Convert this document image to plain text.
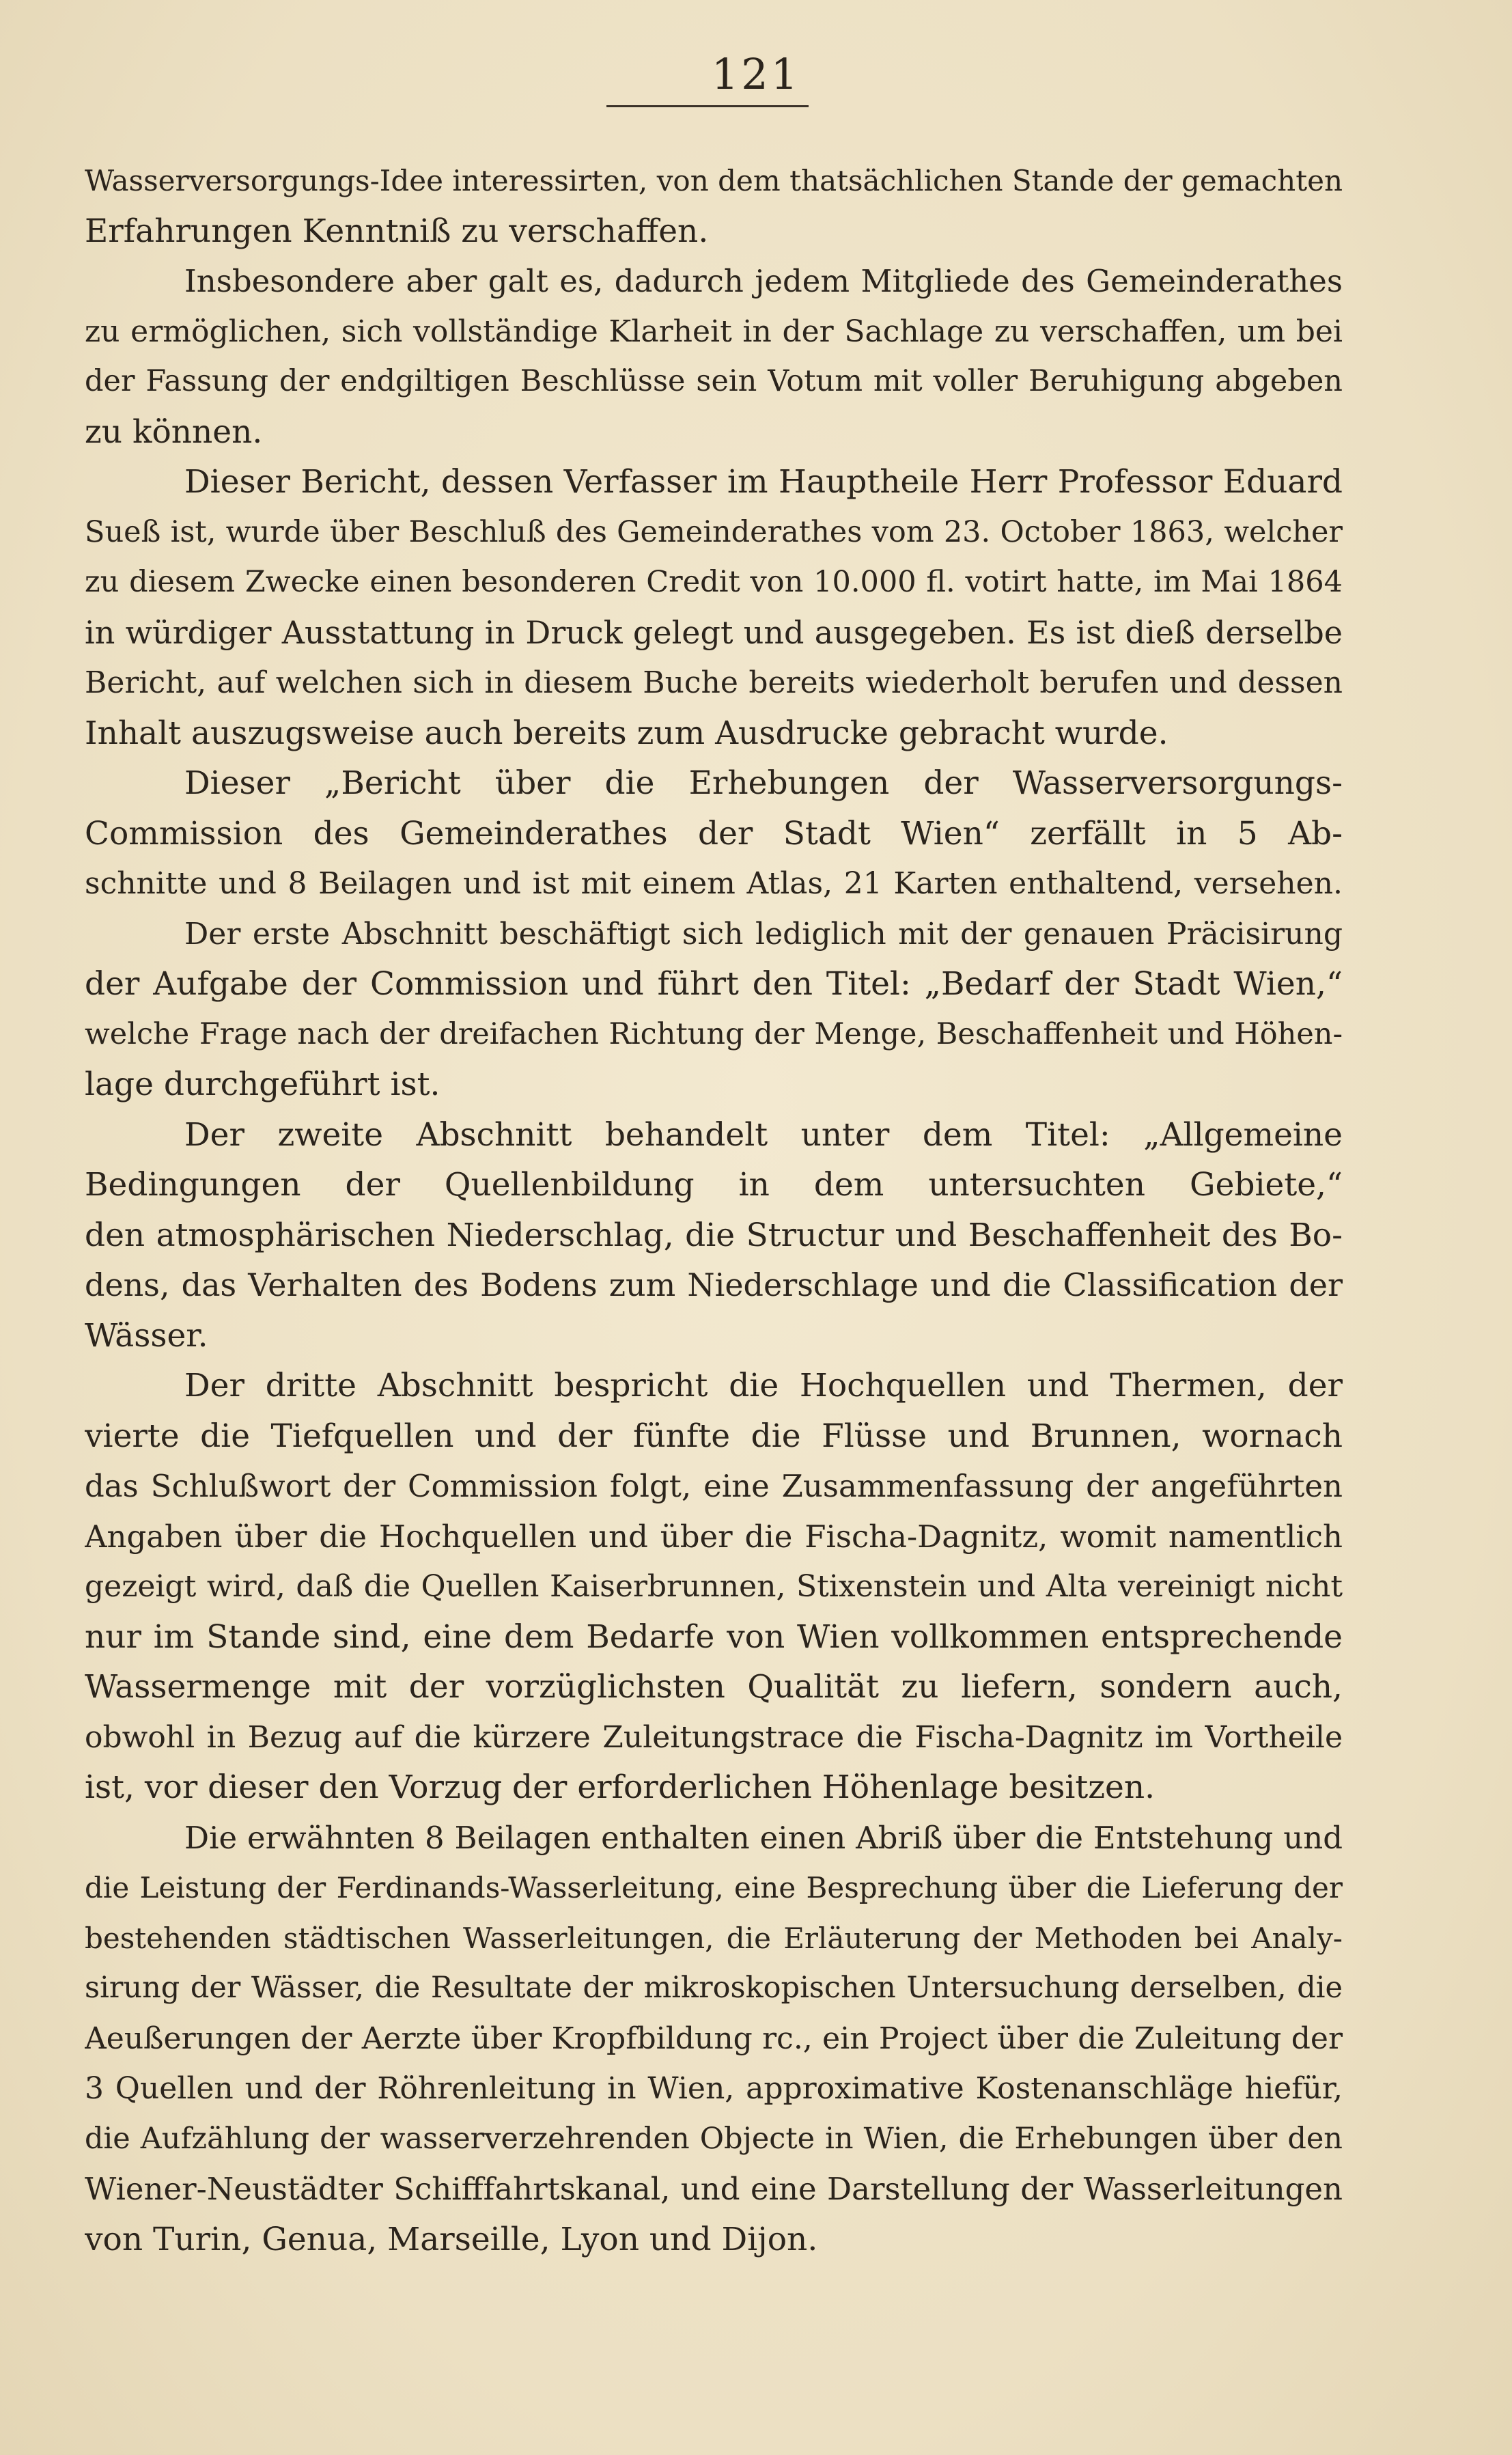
121
Wasserversorgungs-Idee interessirten, von dem thatsächlichen Stande der gemachten
Erfahrungen Kenntniß zu verschaffen.
Insbesondere aber galt es, dadurch jedem Mitgliede des Gemeinderathes
zu ermöglichen, sich vollständige Klarheit in der Sachlage zu verschaffen, um bei
der Fassung der endgiltigen Beschlüsse sein Votum mit voller Beruhigung abgeben
zu können.
Dieser Bericht, dessen Verfasser im Hauptheile Herr Professor Eduard
Sueß ist, wurde über Beschluß des Gemeinderathes vom 23. October 1863, welcher
zu diesem Zwecke einen besonderen Credit von 10.000 fl. votirt hatte, im Mai 1864
in würdiger Ausstattung in Druck gelegt und ausgegeben. Es ist dieß derselbe
Bericht, auf welchen sich in diesem Buche bereits wiederholt berufen und dessen
Inhalt auszugsweise auch bereits zum Ausdrucke gebracht wurde.
Dieser „Bericht über die Erhebungen der Wasserversorgungs-
Commission des Gemeinderathes der Stadt Wien“ zerfällt in 5 Ab-
schnitte und 8 Beilagen und ist mit einem Atlas, 21 Karten enthaltend, versehen.
Der erste Abschnitt beschäftigt sich lediglich mit der genauen Präcisirung
der Aufgabe der Commission und führt den Titel: „Bedarf der Stadt Wien,“
welche Frage nach der dreifachen Richtung der Menge, Beschaffenheit und Höhen-
lage durchgeführt ist.
Der zweite Abschnitt behandelt unter dem Titel: „Allgemeine
Bedingungen der Quellenbildung in dem untersuchten Gebiete,“
den atmosphärischen Niederschlag, die Structur und Beschaffenheit des Bo-
dens, das Verhalten des Bodens zum Niederschlage und die Classification der
Wässer.
Der dritte Abschnitt bespricht die Hochquellen und Thermen, der
vierte die Tiefquellen und der fünfte die Flüsse und Brunnen, wornach
das Schlußwort der Commission folgt, eine Zusammenfassung der angeführten
Angaben über die Hochquellen und über die Fischa-Dagnitz, womit namentlich
gezeigt wird, daß die Quellen Kaiserbrunnen, Stixenstein und Alta vereinigt nicht
nur im Stande sind, eine dem Bedarfe von Wien vollkommen entsprechende
Wassermenge mit der vorzüglichsten Qualität zu liefern, sondern auch,
obwohl in Bezug auf die kürzere Zuleitungstrace die Fischa-Dagnitz im Vortheile
ist, vor dieser den Vorzug der erforderlichen Höhenlage besitzen.
Die erwähnten 8 Beilagen enthalten einen Abriß über die Entstehung und
die Leistung der Ferdinands-Wasserleitung, eine Besprechung über die Lieferung der
bestehenden städtischen Wasserleitungen, die Erläuterung der Methoden bei Analy-
sirung der Wässer, die Resultate der mikroskopischen Untersuchung derselben, die
Aeußerungen der Aerzte über Kropfbildung rc., ein Project über die Zuleitung der
3 Quellen und der Röhrenleitung in Wien, approximative Kostenanschläge hiefür,
die Aufzählung der wasserverzehrenden Objecte in Wien, die Erhebungen über den
Wiener-Neustädter Schifffahrtskanal, und eine Darstellung der Wasserleitungen
von Turin, Genua, Marseille, Lyon und Dijon.
